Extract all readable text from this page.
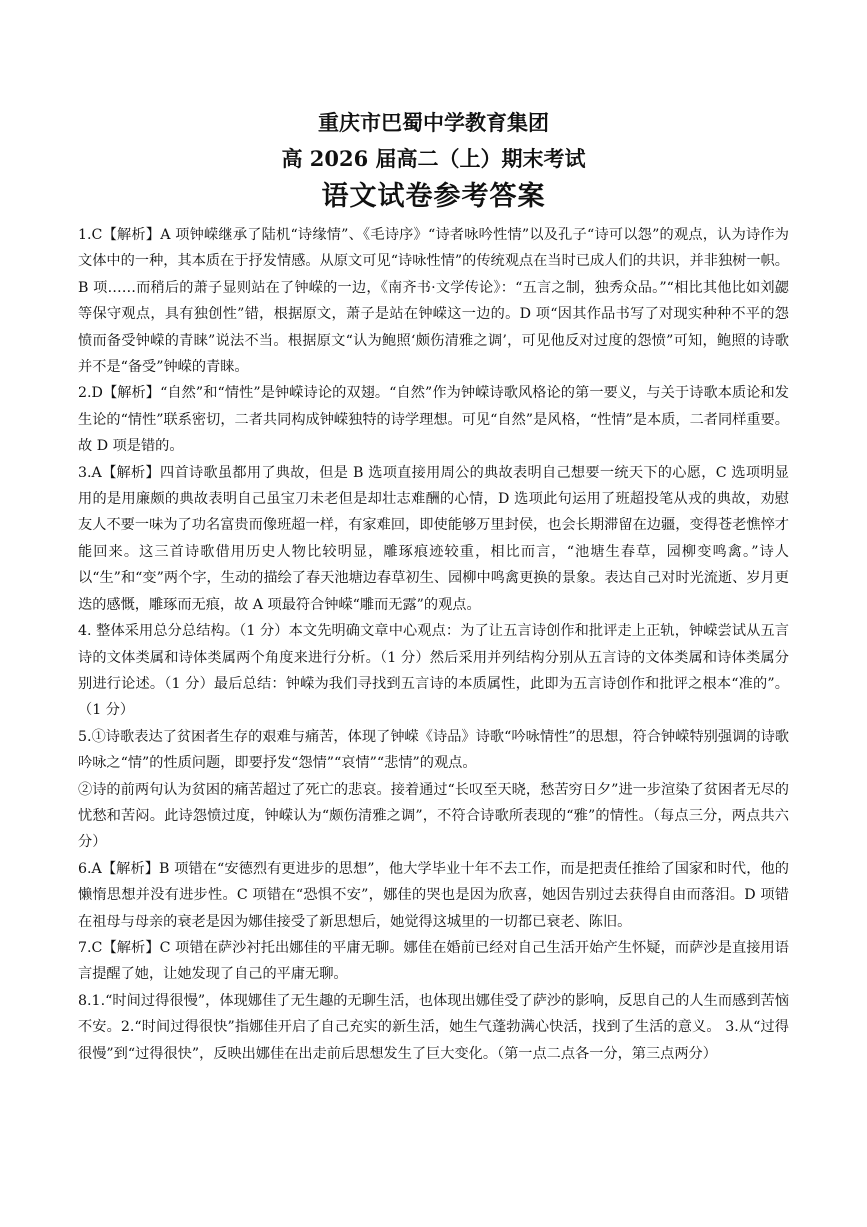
重庆市巴蜀中学教育集团
高 2026 届高二（上）期末考试
语文试卷参考答案

1.C【解析】A 项钟嵘继承了陆机“诗缘情”、《毛诗序》“诗者咏吟性情”以及孔子“诗可以怨”的观点，认为诗作为文体中的一种，其本质在于抒发情感。从原文可见“诗咏性情”的传统观点在当时已成人们的共识，并非独树一帜。B 项……而稍后的萧子显则站在了钟嵘的一边，《南齐书·文学传论》：“五言之制，独秀众品。”“相比其他比如刘勰等保守观点，具有独创性”错，根据原文，萧子是站在钟嵘这一边的。D 项“因其作品书写了对现实种种不平的怨愤而备受钟嵘的青睐”说法不当。根据原文“认为鲍照‘颇伤清雅之调’，可见他反对过度的怨愤”可知，鲍照的诗歌并不是“备受”钟嵘的青睐。

2.D【解析】“自然”和“情性”是钟嵘诗论的双翅。“自然”作为钟嵘诗歌风格论的第一要义，与关于诗歌本质论和发生论的“情性”联系密切，二者共同构成钟嵘独特的诗学理想。可见“自然”是风格，“性情”是本质，二者同样重要。故 D 项是错的。

3.A【解析】四首诗歌虽都用了典故，但是 B 选项直接用周公的典故表明自己想要一统天下的心愿，C 选项明显用的是用廉颇的典故表明自己虽宝刀未老但是却壮志难酬的心情，D 选项此句运用了班超投笔从戎的典故，劝慰友人不要一味为了功名富贵而像班超一样，有家难回，即使能够万里封侯，也会长期滞留在边疆，变得苍老憔悴才能回来。这三首诗歌借用历史人物比较明显，雕琢痕迹较重，相比而言，“池塘生春草，园柳变鸣禽。”诗人以“生”和“变”两个字，生动的描绘了春天池塘边春草初生、园柳中鸣禽更换的景象。表达自己对时光流逝、岁月更迭的感慨，雕琢而无痕，故 A 项最符合钟嵘“雕而无露”的观点。

4. 整体采用总分总结构。（1 分）本文先明确文章中心观点：为了让五言诗创作和批评走上正轨，钟嵘尝试从五言诗的文体类属和诗体类属两个角度来进行分析。（1 分）然后采用并列结构分别从五言诗的文体类属和诗体类属分别进行论述。（1 分）最后总结：钟嵘为我们寻找到五言诗的本质属性，此即为五言诗创作和批评之根本“准的”。（1 分）

5.①诗歌表达了贫困者生存的艰难与痛苦，体现了钟嵘《诗品》诗歌“吟咏情性”的思想，符合钟嵘特别强调的诗歌吟咏之“情”的性质问题，即要抒发“怨情”“哀情”“悲情”的观点。

②诗的前两句认为贫困的痛苦超过了死亡的悲哀。接着通过“长叹至天晓，愁苦穷日夕”进一步渲染了贫困者无尽的忧愁和苦闷。此诗怨愤过度，钟嵘认为“颇伤清雅之调”，不符合诗歌所表现的“雅”的情性。（每点三分，两点共六分）

6.A【解析】B 项错在“安德烈有更进步的思想”，他大学毕业十年不去工作，而是把责任推给了国家和时代，他的懒惰思想并没有进步性。C 项错在“恐惧不安”，娜佳的哭也是因为欣喜，她因告别过去获得自由而落泪。D 项错在祖母与母亲的衰老是因为娜佳接受了新思想后，她觉得这城里的一切都已衰老、陈旧。

7.C【解析】C 项错在萨沙衬托出娜佳的平庸无聊。娜佳在婚前已经对自己生活开始产生怀疑，而萨沙是直接用语言提醒了她，让她发现了自己的平庸无聊。

8.1.“时间过得很慢”，体现娜佳了无生趣的无聊生活，也体现出娜佳受了萨沙的影响，反思自己的人生而感到苦恼不安。2.“时间过得很快”指娜佳开启了自己充实的新生活，她生气蓬勃满心快活，找到了生活的意义。 3.从“过得很慢”到“过得很快”，反映出娜佳在出走前后思想发生了巨大变化。（第一点二点各一分，第三点两分）
